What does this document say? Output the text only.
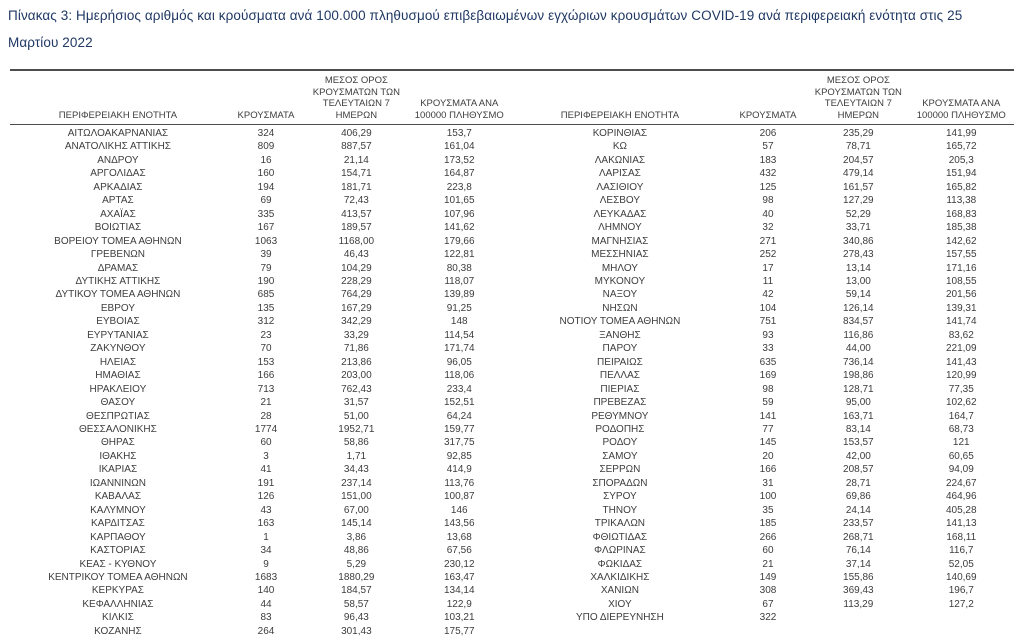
Πίνακας 3: Ημερήσιος αριθμός και κρούσματα ανά 100.000 πληθυσμού επιβεβαιωμένων εγχώριων κρουσμάτων COVID-19 ανά περιφερειακή ενότητα στις 25 Μαρτίου 2022
ΠΕΡΙΦΕΡΕΙΑΚΗ ΕΝΟΤΗΤΑ	ΚΡΟΥΣΜΑΤΑ	ΜΕΣΟΣ ΟΡΟΣ ΚΡΟΥΣΜΑΤΩΝ ΤΩΝ ΤΕΛΕΥΤΑΙΩΝ 7 ΗΜΕΡΩΝ	ΚΡΟΥΣΜΑΤΑ ΑΝΑ 100000 ΠΛΗΘΥΣΜΟ	ΠΕΡΙΦΕΡΕΙΑΚΗ ΕΝΟΤΗΤΑ	ΚΡΟΥΣΜΑΤΑ	ΜΕΣΟΣ ΟΡΟΣ ΚΡΟΥΣΜΑΤΩΝ ΤΩΝ ΤΕΛΕΥΤΑΙΩΝ 7 ΗΜΕΡΩΝ	ΚΡΟΥΣΜΑΤΑ ΑΝΑ 100000 ΠΛΗΘΥΣΜΟ
ΑΙΤΩΛΟΑΚΑΡΝΑΝΙΑΣ	324	406,29	153,7	ΚΟΡΙΝΘΙΑΣ	206	235,29	141,99
ΑΝΑΤΟΛΙΚΗΣ ΑΤΤΙΚΗΣ	809	887,57	161,04	ΚΩ	57	78,71	165,72
ΑΝΔΡΟΥ	16	21,14	173,52	ΛΑΚΩΝΙΑΣ	183	204,57	205,3
ΑΡΓΟΛΙΔΑΣ	160	154,71	164,87	ΛΑΡΙΣΑΣ	432	479,14	151,94
ΑΡΚΑΔΙΑΣ	194	181,71	223,8	ΛΑΣΙΘΙΟΥ	125	161,57	165,82
ΑΡΤΑΣ	69	72,43	101,65	ΛΕΣΒΟΥ	98	127,29	113,38
ΑΧΑΪΑΣ	335	413,57	107,96	ΛΕΥΚΑΔΑΣ	40	52,29	168,83
ΒΟΙΩΤΙΑΣ	167	189,57	141,62	ΛΗΜΝΟΥ	32	33,71	185,38
ΒΟΡΕΙΟΥ ΤΟΜΕΑ ΑΘΗΝΩΝ	1063	1168,00	179,66	ΜΑΓΝΗΣΙΑΣ	271	340,86	142,62
ΓΡΕΒΕΝΩΝ	39	46,43	122,81	ΜΕΣΣΗΝΙΑΣ	252	278,43	157,55
ΔΡΑΜΑΣ	79	104,29	80,38	ΜΗΛΟΥ	17	13,14	171,16
ΔΥΤΙΚΗΣ ΑΤΤΙΚΗΣ	190	228,29	118,07	ΜΥΚΟΝΟΥ	11	13,00	108,55
ΔΥΤΙΚΟΥ ΤΟΜΕΑ ΑΘΗΝΩΝ	685	764,29	139,89	ΝΑΞΟΥ	42	59,14	201,56
ΕΒΡΟΥ	135	167,29	91,25	ΝΗΣΩΝ	104	126,14	139,31
ΕΥΒΟΙΑΣ	312	342,29	148	ΝΟΤΙΟΥ ΤΟΜΕΑ ΑΘΗΝΩΝ	751	834,57	141,74
ΕΥΡΥΤΑΝΙΑΣ	23	33,29	114,54	ΞΑΝΘΗΣ	93	116,86	83,62
ΖΑΚΥΝΘΟΥ	70	71,86	171,74	ΠΑΡΟΥ	33	44,00	221,09
ΗΛΕΙΑΣ	153	213,86	96,05	ΠΕΙΡΑΙΩΣ	635	736,14	141,43
ΗΜΑΘΙΑΣ	166	203,00	118,06	ΠΕΛΛΑΣ	169	198,86	120,99
ΗΡΑΚΛΕΙΟΥ	713	762,43	233,4	ΠΙΕΡΙΑΣ	98	128,71	77,35
ΘΑΣΟΥ	21	31,57	152,51	ΠΡΕΒΕΖΑΣ	59	95,00	102,62
ΘΕΣΠΡΩΤΙΑΣ	28	51,00	64,24	ΡΕΘΥΜΝΟΥ	141	163,71	164,7
ΘΕΣΣΑΛΟΝΙΚΗΣ	1774	1952,71	159,77	ΡΟΔΟΠΗΣ	77	83,14	68,73
ΘΗΡΑΣ	60	58,86	317,75	ΡΟΔΟΥ	145	153,57	121
ΙΘΑΚΗΣ	3	1,71	92,85	ΣΑΜΟΥ	20	42,00	60,65
ΙΚΑΡΙΑΣ	41	34,43	414,9	ΣΕΡΡΩΝ	166	208,57	94,09
ΙΩΑΝΝΙΝΩΝ	191	237,14	113,76	ΣΠΟΡΑΔΩΝ	31	28,71	224,67
ΚΑΒΑΛΑΣ	126	151,00	100,87	ΣΥΡΟΥ	100	69,86	464,96
ΚΑΛΥΜΝΟΥ	43	67,00	146	ΤΗΝΟΥ	35	24,14	405,28
ΚΑΡΔΙΤΣΑΣ	163	145,14	143,56	ΤΡΙΚΑΛΩΝ	185	233,57	141,13
ΚΑΡΠΑΘΟΥ	1	3,86	13,68	ΦΘΙΩΤΙΔΑΣ	266	268,71	168,11
ΚΑΣΤΟΡΙΑΣ	34	48,86	67,56	ΦΛΩΡΙΝΑΣ	60	76,14	116,7
ΚΕΑΣ - ΚΥΘΝΟΥ	9	5,29	230,12	ΦΩΚΙΔΑΣ	21	37,14	52,05
ΚΕΝΤΡΙΚΟΥ ΤΟΜΕΑ ΑΘΗΝΩΝ	1683	1880,29	163,47	ΧΑΛΚΙΔΙΚΗΣ	149	155,86	140,69
ΚΕΡΚΥΡΑΣ	140	184,57	134,14	ΧΑΝΙΩΝ	308	369,43	196,7
ΚΕΦΑΛΛΗΝΙΑΣ	44	58,57	122,9	ΧΙΟΥ	67	113,29	127,2
ΚΙΛΚΙΣ	83	96,43	103,21	ΥΠΟ ΔΙΕΡΕΥΝΗΣΗ	322		
ΚΟΖΑΝΗΣ	264	301,43	175,77				
